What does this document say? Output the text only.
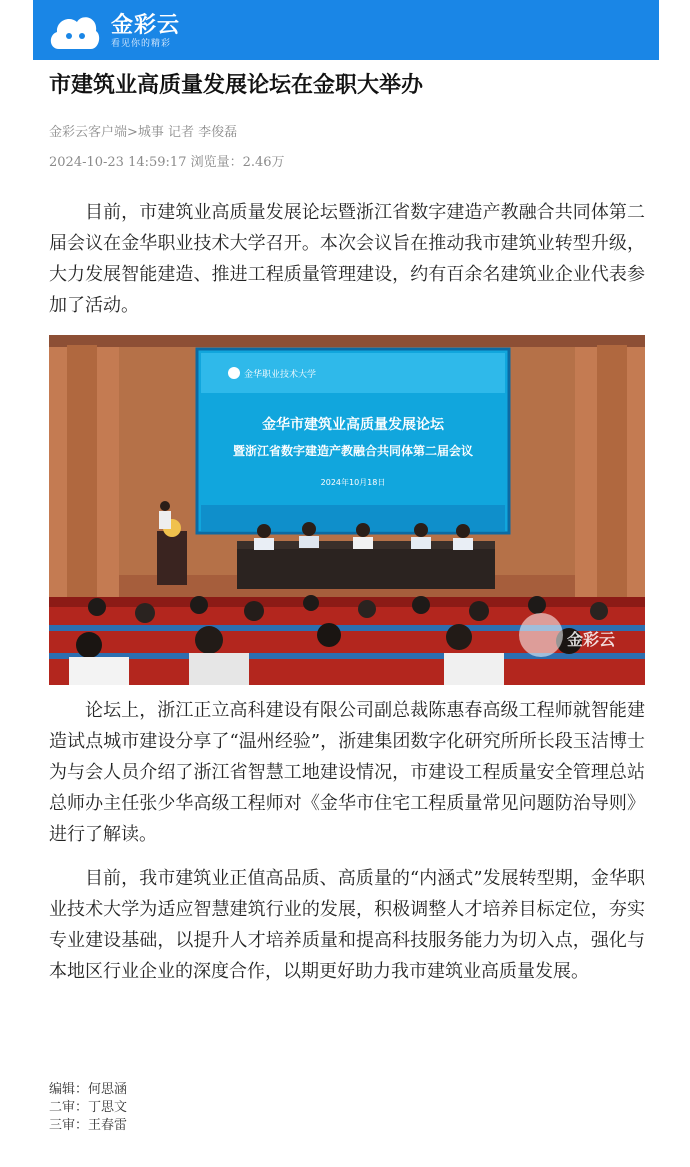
金彩云
看见你的精彩
市建筑业高质量发展论坛在金职大举办
金彩云客户端>城事 记者 李俊磊
2024-10-23 14:59:17 浏览量：2.46万

目前，市建筑业高质量发展论坛暨浙江省数字建造产教融合共同体第二届会议在金华职业技术大学召开。本次会议旨在推动我市建筑业转型升级，大力发展智能建造、推进工程质量管理建设，约有百余名建筑业企业代表参加了活动。

金华职业技术大学
金华市建筑业高质量发展论坛
暨浙江省数字建造产教融合共同体第二届会议
2024年10月18日
金彩云

论坛上，浙江正立高科建设有限公司副总裁陈惠春高级工程师就智能建造试点城市建设分享了“温州经验”，浙建集团数字化研究所所长段玉洁博士为与会人员介绍了浙江省智慧工地建设情况，市建设工程质量安全管理总站总师办主任张少华高级工程师对《金华市住宅工程质量常见问题防治导则》进行了解读。

目前，我市建筑业正值高品质、高质量的“内涵式”发展转型期，金华职业技术大学为适应智慧建筑行业的发展，积极调整人才培养目标定位，夯实专业建设基础，以提升人才培养质量和提高科技服务能力为切入点，强化与本地区行业企业的深度合作，以期更好助力我市建筑业高质量发展。

编辑：何思涵
二审：丁思文
三审：王春雷
